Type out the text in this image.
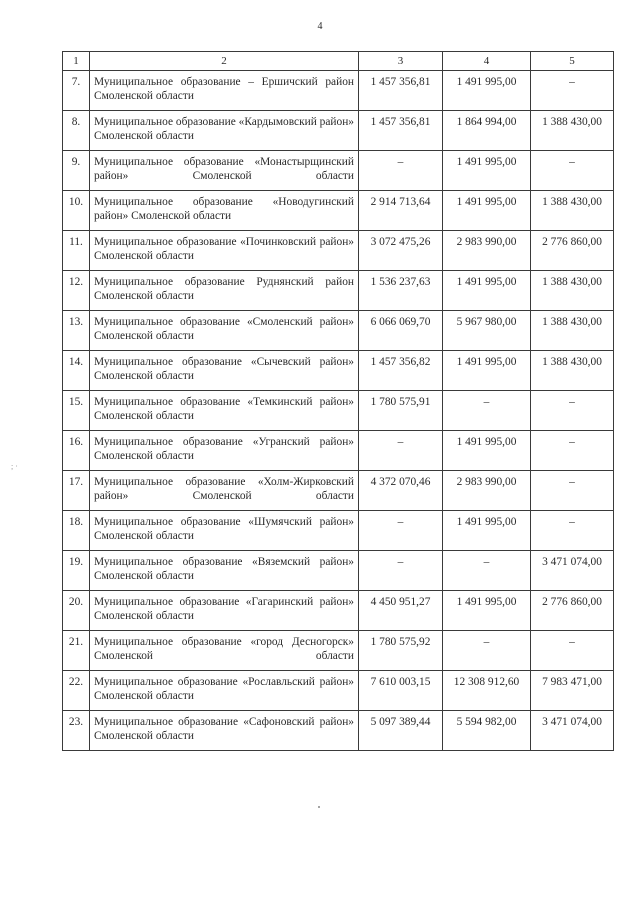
4
; ·
1	2	3	4	5
7.	Муниципальное образование – Ершичский район Смоленской области	1 457 356,81	1 491 995,00	–
8.	Муниципальное образование «Кардымовский район» Смоленской области	1 457 356,81	1 864 994,00	1 388 430,00
9.	Муниципальное образование «Монастырщинский район» Смоленской области	–	1 491 995,00	–
10.	Муниципальное образование «Новодугинский район» Смоленской области	2 914 713,64	1 491 995,00	1 388 430,00
11.	Муниципальное образование «Починковский район» Смоленской области	3 072 475,26	2 983 990,00	2 776 860,00
12.	Муниципальное образование Руднянский район Смоленской области	1 536 237,63	1 491 995,00	1 388 430,00
13.	Муниципальное образование «Смоленский район» Смоленской области	6 066 069,70	5 967 980,00	1 388 430,00
14.	Муниципальное образование «Сычевский район» Смоленской области	1 457 356,82	1 491 995,00	1 388 430,00
15.	Муниципальное образование «Темкинский район» Смоленской области	1 780 575,91	–	–
16.	Муниципальное образование «Угранский район» Смоленской области	–	1 491 995,00	–
17.	Муниципальное образование «Холм-Жирковский район» Смоленской области	4 372 070,46	2 983 990,00	–
18.	Муниципальное образование «Шумячский район» Смоленской области	–	1 491 995,00	–
19.	Муниципальное образование «Вяземский район» Смоленской области	–	–	3 471 074,00
20.	Муниципальное образование «Гагаринский район» Смоленской области	4 450 951,27	1 491 995,00	2 776 860,00
21.	Муниципальное образование «город Десногорск» Смоленской области	1 780 575,92	–	–
22.	Муниципальное образование «Рославльский район» Смоленской области	7 610 003,15	12 308 912,60	7 983 471,00
23.	Муниципальное образование «Сафоновский район» Смоленской области	5 097 389,44	5 594 982,00	3 471 074,00
